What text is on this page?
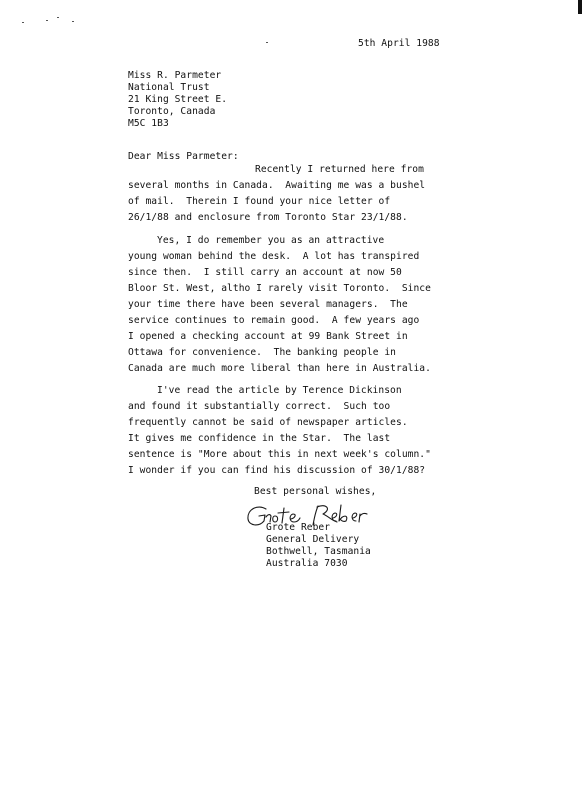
5th April 1988
Miss R. Parmeter
National Trust
21 King Street E.
Toronto, Canada
M5C 1B3
Dear Miss Parmeter:
Recently I returned here from
several months in Canada.  Awaiting me was a bushel
of mail.  Therein I found your nice letter of
26/1/88 and enclosure from Toronto Star 23/1/88.
Yes, I do remember you as an attractive
young woman behind the desk.  A lot has transpired
since then.  I still carry an account at now 50
Bloor St. West, altho I rarely visit Toronto.  Since
your time there have been several managers.  The
service continues to remain good.  A few years ago
I opened a checking account at 99 Bank Street in
Ottawa for convenience.  The banking people in
Canada are much more liberal than here in Australia.
I've read the article by Terence Dickinson
and found it substantially correct.  Such too
frequently cannot be said of newspaper articles.
It gives me confidence in the Star.  The last
sentence is "More about this in next week's column."
I wonder if you can find his discussion of 30/1/88?
Best personal wishes,
Grote Reber
General Delivery
Bothwell, Tasmania
Australia 7030
